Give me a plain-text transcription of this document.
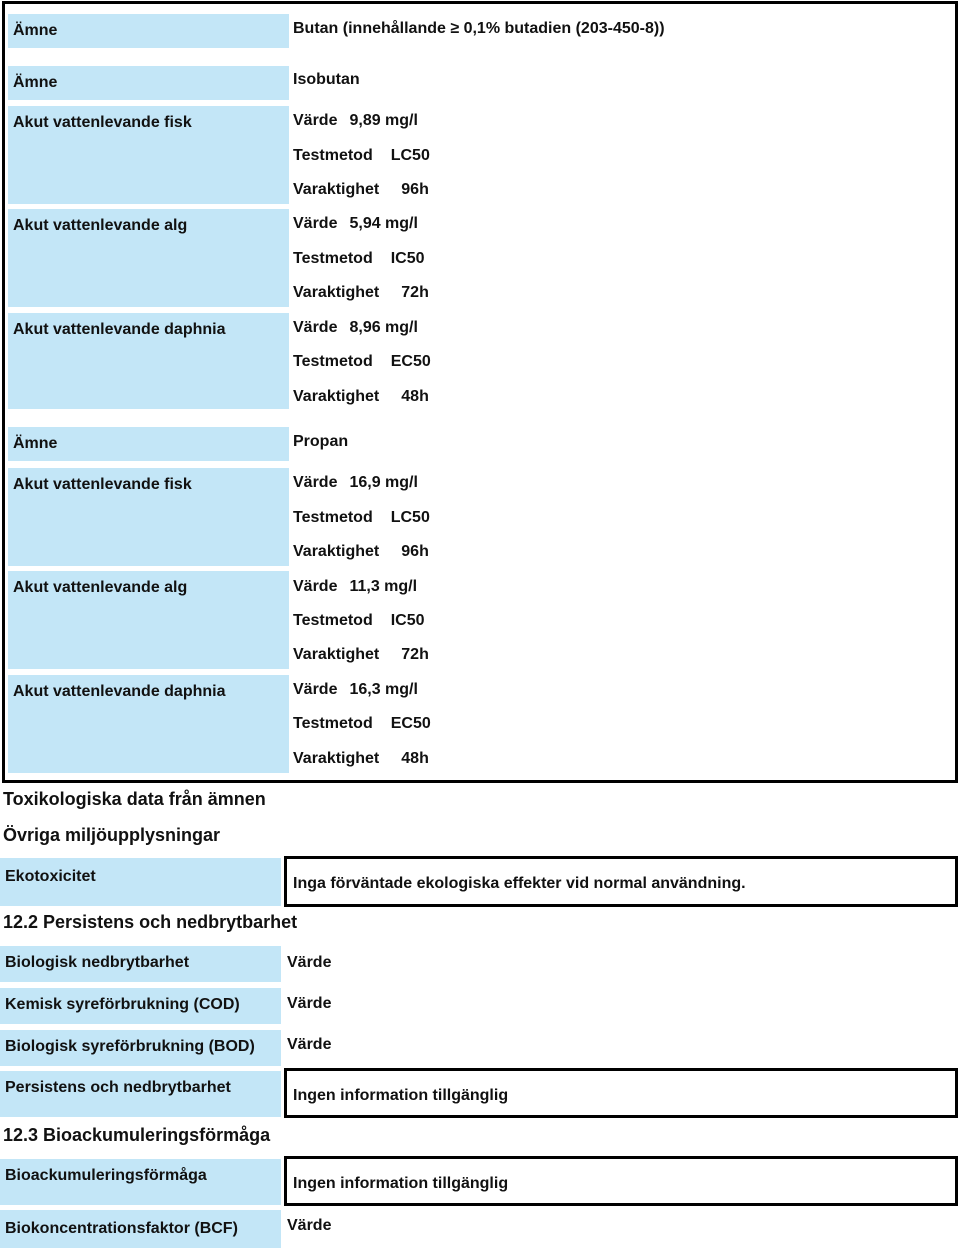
Ämne	Butan (innehållande ≥ 0,1% butadien (203-450-8))
Ämne	Isobutan
Akut vattenlevande fisk	Värde 9,89 mg/l
Testmetod LC50
Varaktighet 96h
Akut vattenlevande alg	Värde 5,94 mg/l
Testmetod IC50
Varaktighet 72h
Akut vattenlevande daphnia	Värde 8,96 mg/l
Testmetod EC50
Varaktighet 48h
Ämne	Propan
Akut vattenlevande fisk	Värde 16,9 mg/l
Testmetod LC50
Varaktighet 96h
Akut vattenlevande alg	Värde 11,3 mg/l
Testmetod IC50
Varaktighet 72h
Akut vattenlevande daphnia	Värde 16,3 mg/l
Testmetod EC50
Varaktighet 48h
Toxikologiska data från ämnen
Övriga miljöupplysningar
Ekotoxicitet	Inga förväntade ekologiska effekter vid normal användning.
12.2 Persistens och nedbrytbarhet
Biologisk nedbrytbarhet	Värde
Kemisk syreförbrukning (COD)	Värde
Biologisk syreförbrukning (BOD)	Värde
Persistens och nedbrytbarhet	Ingen information tillgänglig
12.3 Bioackumuleringsförmåga
Bioackumuleringsförmåga	Ingen information tillgänglig
Biokoncentrationsfaktor (BCF)	Värde
